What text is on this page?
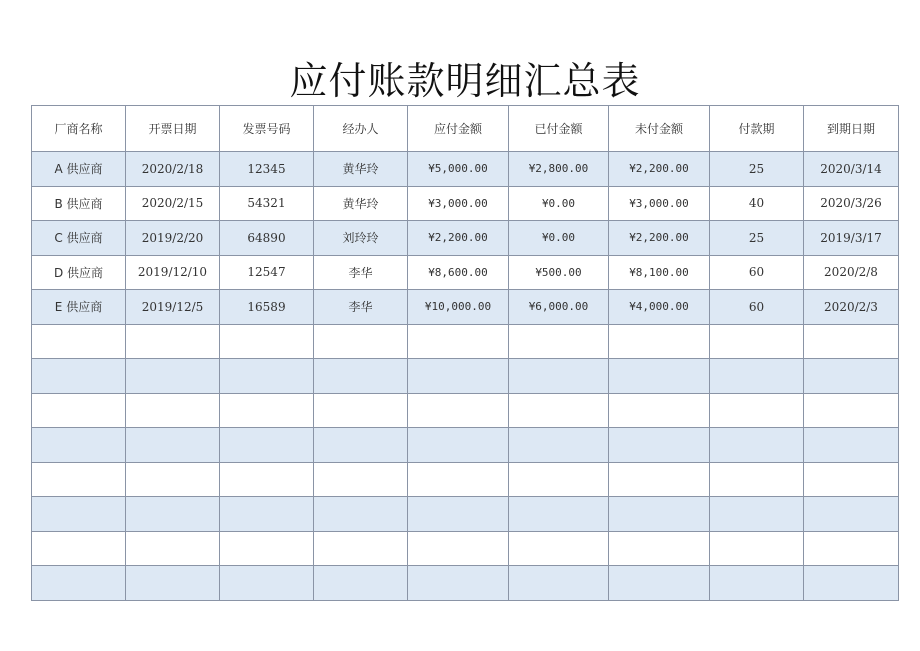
应付账款明细汇总表
厂商名称	开票日期	发票号码	经办人	应付金额	已付金额	未付金额	付款期	到期日期
A 供应商	2020/2/18	12345	黄华玲	¥5,000.00	¥2,800.00	¥2,200.00	25	2020/3/14
B 供应商	2020/2/15	54321	黄华玲	¥3,000.00	¥0.00	¥3,000.00	40	2020/3/26
C 供应商	2019/2/20	64890	刘玲玲	¥2,200.00	¥0.00	¥2,200.00	25	2019/3/17
D 供应商	2019/12/10	12547	李华	¥8,600.00	¥500.00	¥8,100.00	60	2020/2/8
E 供应商	2019/12/5	16589	李华	¥10,000.00	¥6,000.00	¥4,000.00	60	2020/2/3
